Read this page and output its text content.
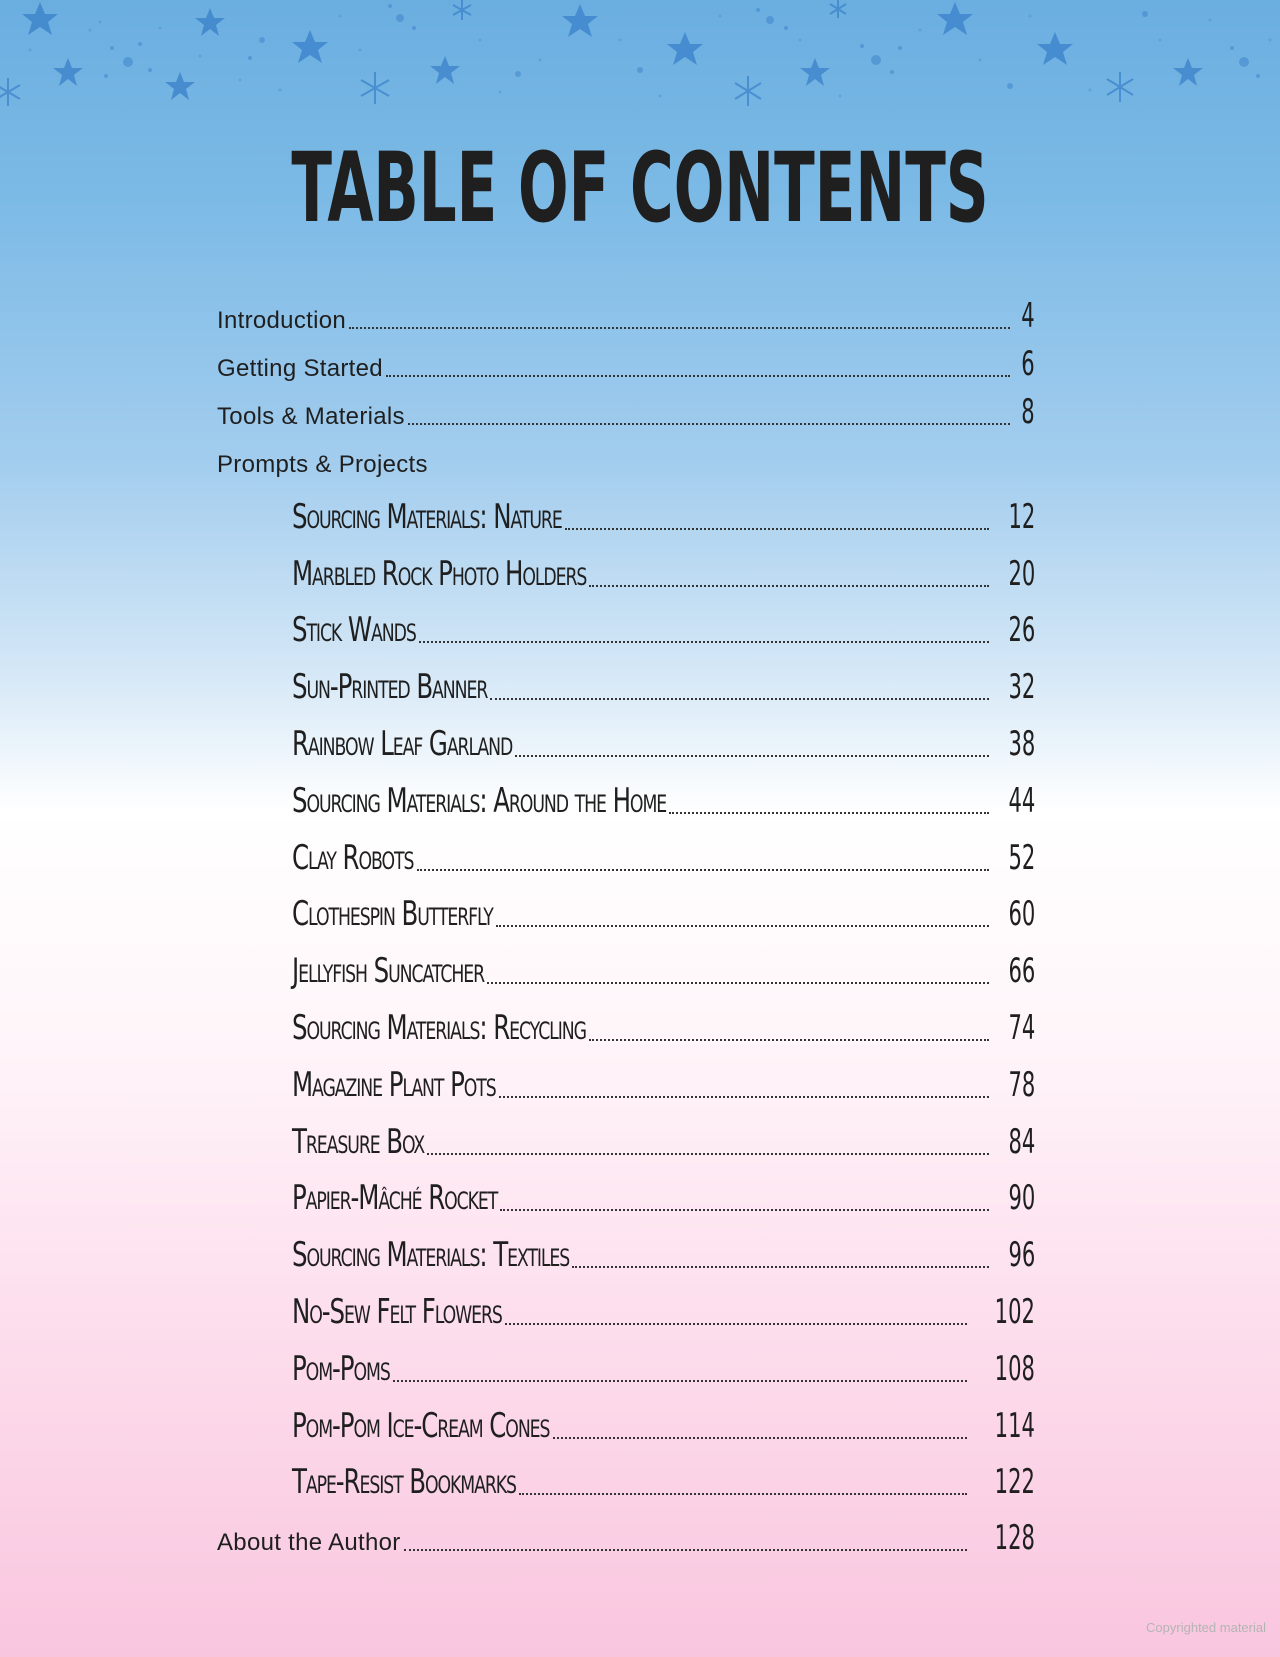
TABLE OF CONTENTS
Introduction	4
Getting Started	6
Tools & Materials	8
Prompts & Projects
Sourcing Materials: Nature	12
Marbled Rock Photo Holders	20
Stick Wands	26
Sun-Printed Banner	32
Rainbow Leaf Garland	38
Sourcing Materials: Around the Home	44
Clay Robots	52
Clothespin Butterfly	60
Jellyfish Suncatcher	66
Sourcing Materials: Recycling	74
Magazine Plant Pots	78
Treasure Box	84
Papier-Mâché Rocket	90
Sourcing Materials: Textiles	96
No-Sew Felt Flowers	102
Pom-Poms	108
Pom-Pom Ice-Cream Cones	114
Tape-Resist Bookmarks	122
About the Author	128
Copyrighted material
